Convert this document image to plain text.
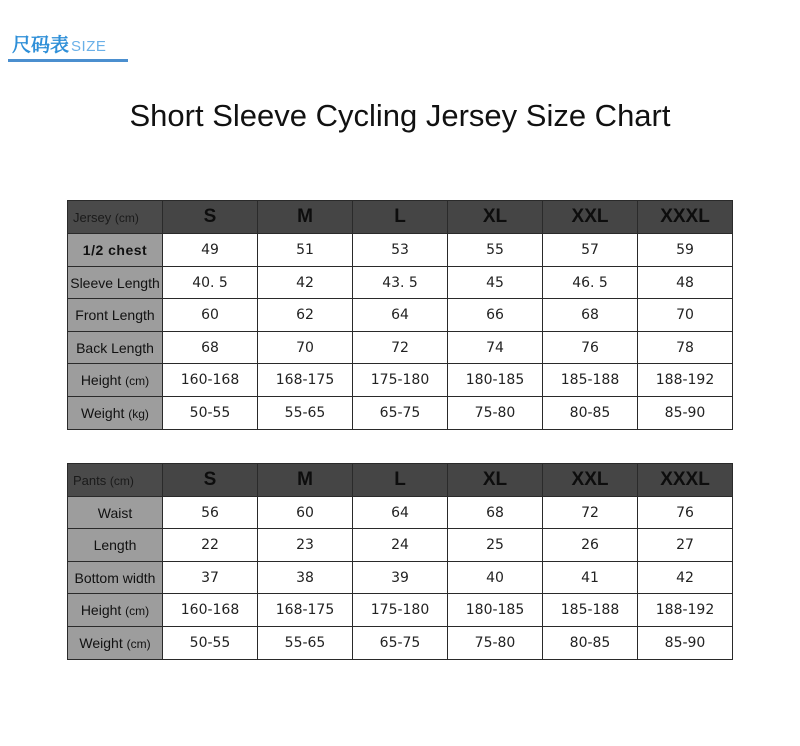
尺码表 SIZE
Short Sleeve Cycling Jersey Size Chart
Jersey (cm)	S	M	L	XL	XXL	XXXL
1/2 chest	49	51	53	55	57	59
Sleeve Length	40. 5	42	43. 5	45	46. 5	48
Front Length	60	62	64	66	68	70
Back Length	68	70	72	74	76	78
Height (cm)	160-168	168-175	175-180	180-185	185-188	188-192
Weight (kg)	50-55	55-65	65-75	75-80	80-85	85-90
Pants (cm)	S	M	L	XL	XXL	XXXL
Waist	56	60	64	68	72	76
Length	22	23	24	25	26	27
Bottom width	37	38	39	40	41	42
Height (cm)	160-168	168-175	175-180	180-185	185-188	188-192
Weight (cm)	50-55	55-65	65-75	75-80	80-85	85-90
